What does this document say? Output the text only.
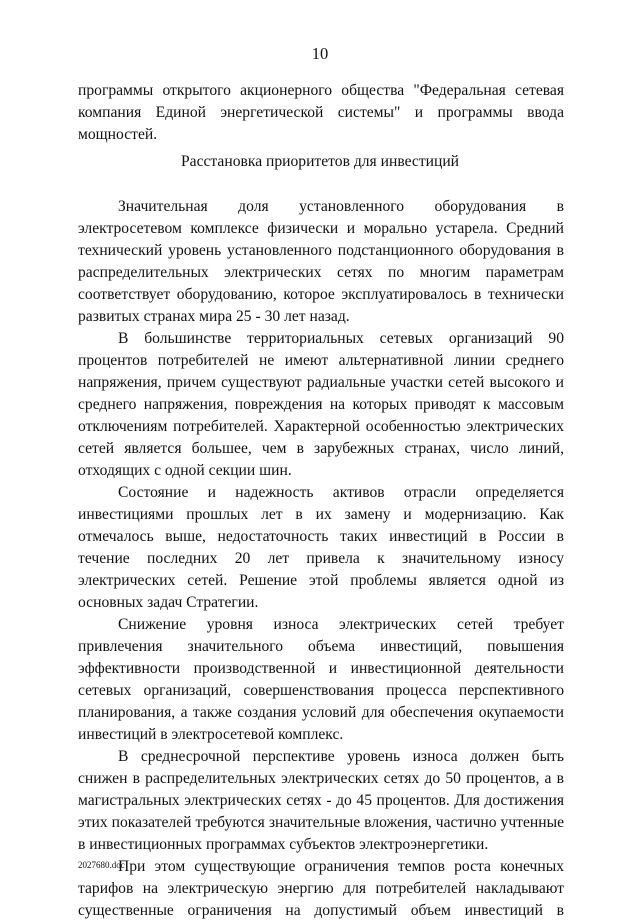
10

программы открытого акционерного общества "Федеральная сетевая компания Единой энергетической системы" и программы ввода мощностей.

Расстановка приоритетов для инвестиций

Значительная доля установленного оборудования в электросетевом комплексе физически и морально устарела. Средний технический уровень установленного подстанционного оборудования в распределительных электрических сетях по многим параметрам соответствует оборудованию, которое эксплуатировалось в технически развитых странах мира 25 - 30 лет назад.

В большинстве территориальных сетевых организаций 90 процентов потребителей не имеют альтернативной линии среднего напряжения, причем существуют радиальные участки сетей высокого и среднего напряжения, повреждения на которых приводят к массовым отключениям потребителей. Характерной особенностью электрических сетей является большее, чем в зарубежных странах, число линий, отходящих с одной секции шин.

Состояние и надежность активов отрасли определяется инвестициями прошлых лет в их замену и модернизацию. Как отмечалось выше, недостаточность таких инвестиций в России в течение последних 20 лет привела к значительному износу электрических сетей. Решение этой проблемы является одной из основных задач Стратегии.

Снижение уровня износа электрических сетей требует привлечения значительного объема инвестиций, повышения эффективности производственной и инвестиционной деятельности сетевых организаций, совершенствования процесса перспективного планирования, а также создания условий для обеспечения окупаемости инвестиций в электросетевой комплекс.

В среднесрочной перспективе уровень износа должен быть снижен в распределительных электрических сетях до 50 процентов, а в магистральных электрических сетях - до 45 процентов. Для достижения этих показателей требуются значительные вложения, частично учтенные в инвестиционных программах субъектов электроэнергетики.

При этом существующие ограничения темпов роста конечных тарифов на электрическую энергию для потребителей накладывают существенные ограничения на допустимый объем инвестиций в

2027680.doc
